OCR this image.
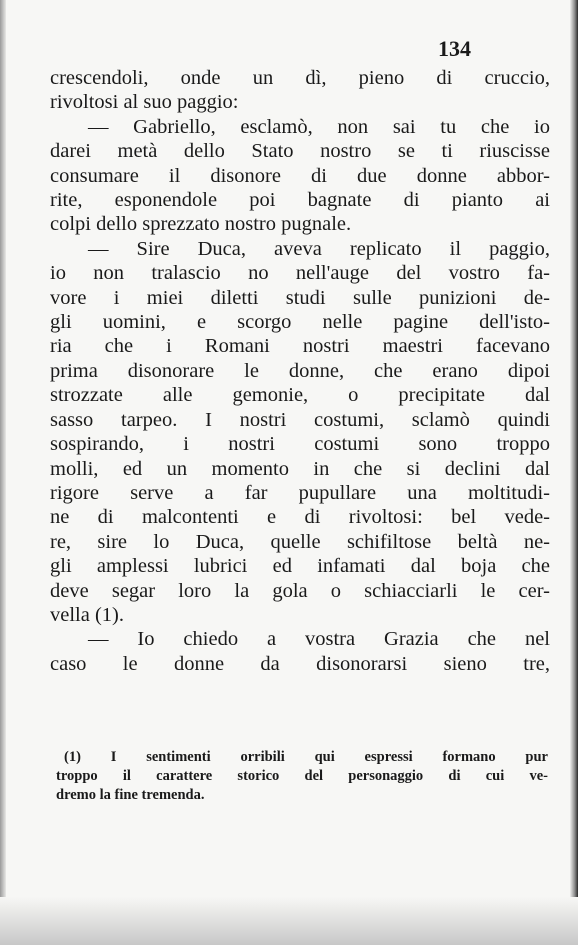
134
crescendoli, onde un dì, pieno di cruccio,
rivoltosi al suo paggio:
— Gabriello, esclamò, non sai tu che io
darei metà dello Stato nostro se ti riuscisse
consumare il disonore di due donne abbor-
rite, esponendole poi bagnate di pianto ai
colpi dello sprezzato nostro pugnale.
— Sire Duca, aveva replicato il paggio,
io non tralascio no nell'auge del vostro fa-
vore i miei diletti studi sulle punizioni de-
gli uomini, e scorgo nelle pagine dell'isto-
ria che i Romani nostri maestri facevano
prima disonorare le donne, che erano dipoi
strozzate alle gemonie, o precipitate dal
sasso tarpeo. I nostri costumi, sclamò quindi
sospirando, i nostri costumi sono troppo
molli, ed un momento in che si declini dal
rigore serve a far pupullare una moltitudi-
ne di malcontenti e di rivoltosi: bel vede-
re, sire lo Duca, quelle schifiltose beltà ne-
gli amplessi lubrici ed infamati dal boja che
deve segar loro la gola o schiacciarli le cer-
vella (1).
— Io chiedo a vostra Grazia che nel
caso le donne da disonorarsi sieno tre,
(1) I sentimenti orribili qui espressi formano pur
troppo il carattere storico del personaggio di cui ve-
dremo la fine tremenda.
